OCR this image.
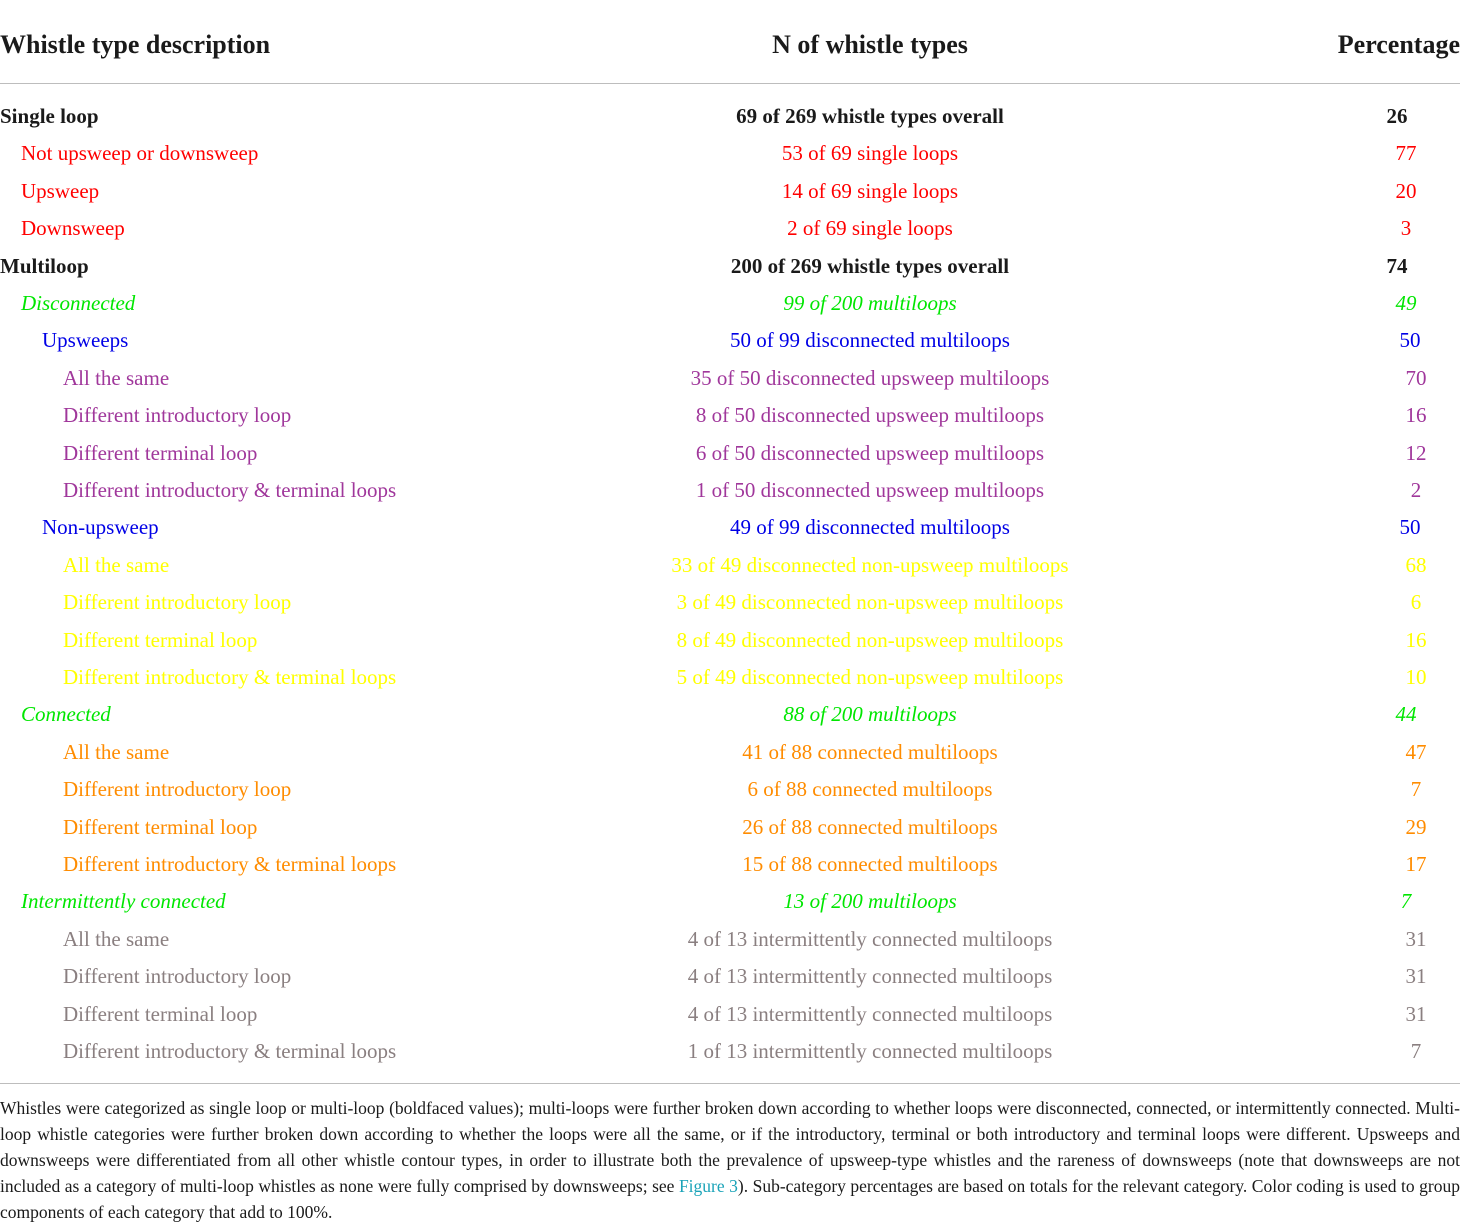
Whistle type description	N of whistle types	Percentage
Single loop	69 of 269 whistle types overall	26
Not upsweep or downsweep	53 of 69 single loops	77
Upsweep	14 of 69 single loops	20
Downsweep	2 of 69 single loops	3
Multiloop	200 of 269 whistle types overall	74
Disconnected	99 of 200 multiloops	49
Upsweeps	50 of 99 disconnected multiloops	50
All the same	35 of 50 disconnected upsweep multiloops	70
Different introductory loop	8 of 50 disconnected upsweep multiloops	16
Different terminal loop	6 of 50 disconnected upsweep multiloops	12
Different introductory & terminal loops	1 of 50 disconnected upsweep multiloops	2
Non-upsweep	49 of 99 disconnected multiloops	50
All the same	33 of 49 disconnected non-upsweep multiloops	68
Different introductory loop	3 of 49 disconnected non-upsweep multiloops	6
Different terminal loop	8 of 49 disconnected non-upsweep multiloops	16
Different introductory & terminal loops	5 of 49 disconnected non-upsweep multiloops	10
Connected	88 of 200 multiloops	44
All the same	41 of 88 connected multiloops	47
Different introductory loop	6 of 88 connected multiloops	7
Different terminal loop	26 of 88 connected multiloops	29
Different introductory & terminal loops	15 of 88 connected multiloops	17
Intermittently connected	13 of 200 multiloops	7
All the same	4 of 13 intermittently connected multiloops	31
Different introductory loop	4 of 13 intermittently connected multiloops	31
Different terminal loop	4 of 13 intermittently connected multiloops	31
Different introductory & terminal loops	1 of 13 intermittently connected multiloops	7
Whistles were categorized as single loop or multi-loop (boldfaced values); multi-loops were further broken down according to whether loops were disconnected, connected, or intermittently connected. Multi-loop whistle categories were further broken down according to whether the loops were all the same, or if the introductory, terminal or both introductory and terminal loops were different. Upsweeps and downsweeps were differentiated from all other whistle contour types, in order to illustrate both the prevalence of upsweep-type whistles and the rareness of downsweeps (note that downsweeps are not included as a category of multi-loop whistles as none were fully comprised by downsweeps; see Figure 3). Sub-category percentages are based on totals for the relevant category. Color coding is used to group components of each category that add to 100%.
